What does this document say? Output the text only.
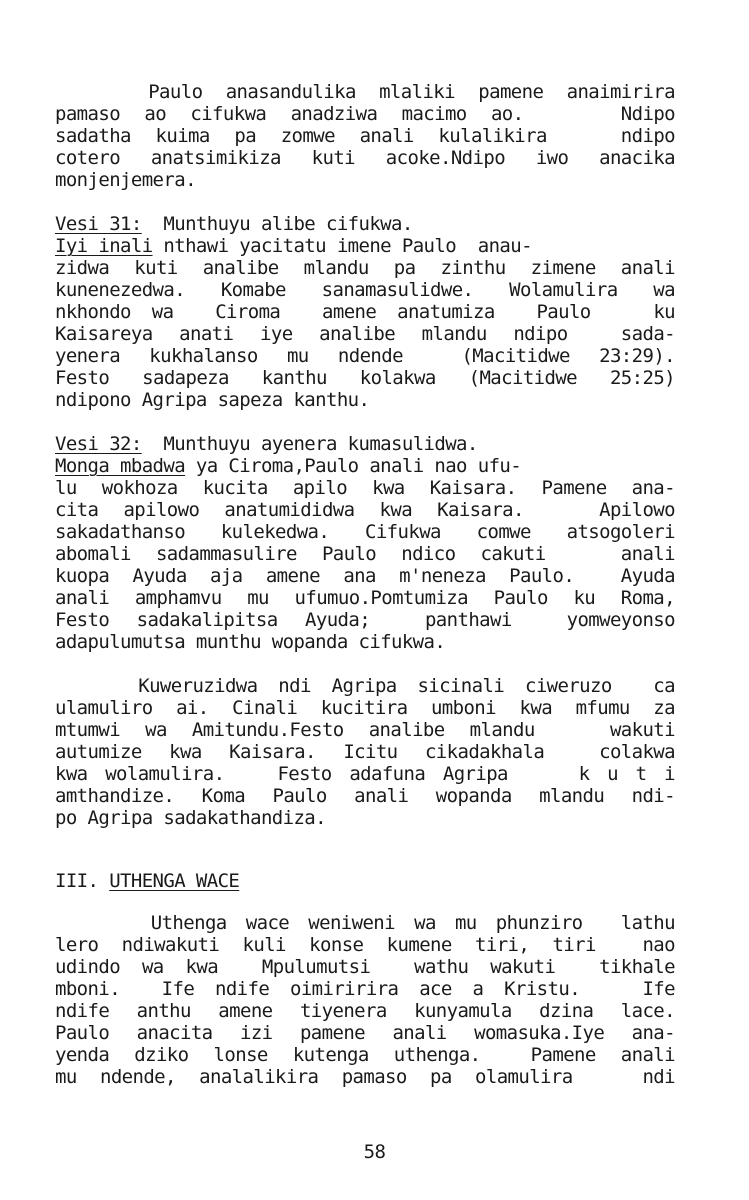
Paulo anasandulika mlaliki pamene anaimirira
pamaso ao cifukwa anadziwa macimo ao.    Ndipo
sadatha kuima pa zomwe anali kulalikira   ndipo
cotero anatsimikiza kuti acoke.Ndipo iwo anacika
monjenjemera.
Vesi 31:  Munthuyu alibe cifukwa.
Iyi inali nthawi yacitatu imene Paulo  anau-
zidwa kuti analibe mlandu pa zinthu zimene anali
kunenezedwa. Komabe sanamasulidwe. Wolamulira wa
nkhondo wa  Ciroma  amene anatumiza  Paulo   ku
Kaisareya anati iye analibe mlandu ndipo  sada-
yenera kukhalanso mu ndende  (Macitidwe 23:29).
Festo sadapeza kanthu kolakwa (Macitidwe 25:25)
ndipono Agripa sapeza kanthu.
Vesi 32:  Munthuyu ayenera kumasulidwa.
Monga mbadwa ya Ciroma,Paulo anali nao ufu-
lu wokhoza kucita apilo kwa Kaisara. Pamene ana-
cita apilowo anatumididwa kwa Kaisara.   Apilowo
sakadathanso kulekedwa. Cifukwa comwe atsogoleri
abomali sadammasulire Paulo ndico cakuti   anali
kuopa Ayuda aja amene ana m'neneza Paulo.  Ayuda
anali amphamvu mu ufumuo.Pomtumiza Paulo ku Roma,
Festo sadakalipitsa Ayuda;  panthawi  yomweyonso
adapulumutsa munthu wopanda cifukwa.
Kuweruzidwa ndi Agripa sicinali ciweruzo  ca
ulamuliro ai. Cinali kucitira umboni kwa mfumu za
mtumwi wa Amitundu.Festo analibe mlandu   wakuti
autumize kwa Kaisara. Icitu cikadakhala  colakwa
kwa wolamulira.   Festo adafuna Agripa    k u t i
amthandize. Koma Paulo anali wopanda mlandu ndi-
po Agripa sadakathandiza.
III. UTHENGA WACE
Uthenga wace weniweni wa mu phunziro  lathu
lero ndiwakuti kuli konse kumene tiri, tiri  nao
udindo wa kwa  Mpulumutsi  wathu wakuti  tikhale
mboni.  Ife ndife oimiririra ace a Kristu.   Ife
ndife anthu amene tiyenera kunyamula dzina lace.
Paulo anacita izi pamene anali womasuka.Iye ana-
yenda dziko lonse kutenga uthenga.  Pamene anali
mu ndende, analalikira pamaso pa olamulira   ndi
58
